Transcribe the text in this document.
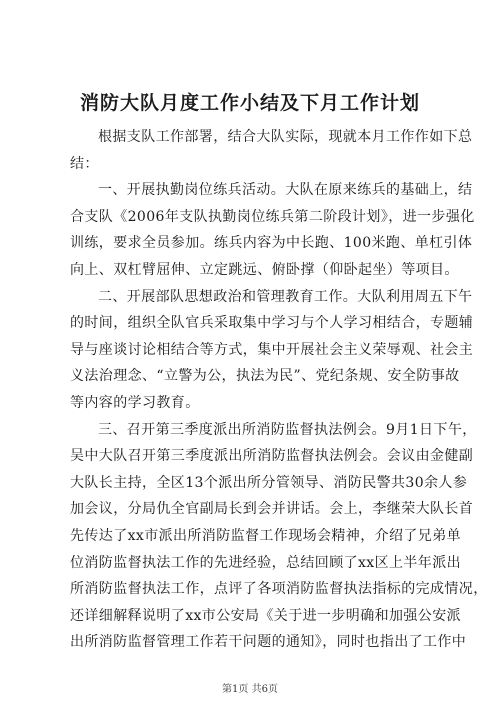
消防大队月度工作小结及下月工作计划
根据支队工作部署，结合大队实际，现就本月工作作如下总
结：
一、开展执勤岗位练兵活动。大队在原来练兵的基础上，结
合支队《2006年支队执勤岗位练兵第二阶段计划》，进一步强化
训练，要求全员参加。练兵内容为中长跑、100米跑、单杠引体
向上、双杠臂屈伸、立定跳远、俯卧撑（仰卧起坐）等项目。
二、开展部队思想政治和管理教育工作。大队利用周五下午
的时间，组织全队官兵采取集中学习与个人学习相结合，专题辅
导与座谈讨论相结合等方式，集中开展社会主义荣辱观、社会主
义法治理念、“立警为公，执法为民”、党纪条规、安全防事故
等内容的学习教育。
三、召开第三季度派出所消防监督执法例会。9月1日下午，
吴中大队召开第三季度派出所消防监督执法例会。会议由金健副
大队长主持，全区13个派出所分管领导、消防民警共30余人参
加会议，分局仇全官副局长到会并讲话。会上，李继荣大队长首
先传达了xx市派出所消防监督工作现场会精神，介绍了兄弟单
位消防监督执法工作的先进经验，总结回顾了xx区上半年派出
所消防监督执法工作，点评了各项消防监督执法指标的完成情况，
还详细解释说明了xx市公安局《关于进一步明确和加强公安派
出所消防监督管理工作若干问题的通知》，同时也指出了工作中
第1页 共6页
